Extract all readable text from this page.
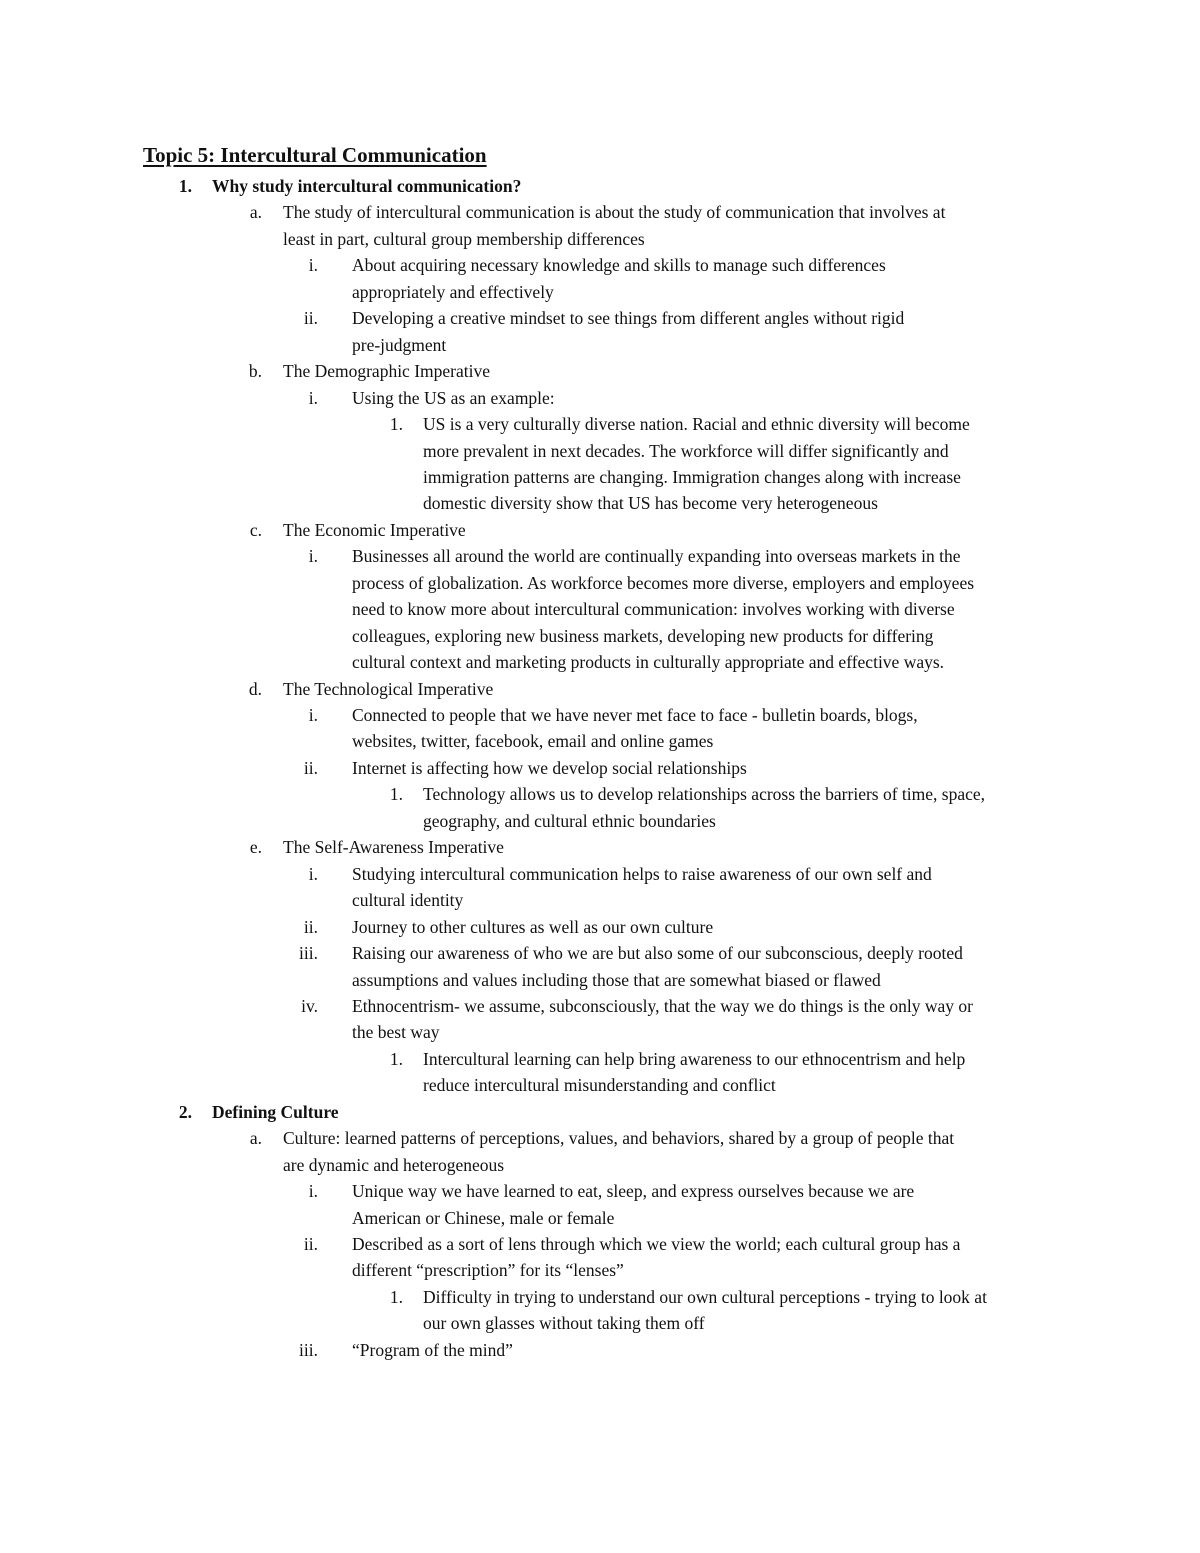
Topic 5: Intercultural Communication
1. Why study intercultural communication?
a. The study of intercultural communication is about the study of communication that involves at
least in part, cultural group membership differences
i. About acquiring necessary knowledge and skills to manage such differences
appropriately and effectively
ii. Developing a creative mindset to see things from different angles without rigid
pre-judgment
b. The Demographic Imperative
i. Using the US as an example:
1. US is a very culturally diverse nation. Racial and ethnic diversity will become
more prevalent in next decades. The workforce will differ significantly and
immigration patterns are changing. Immigration changes along with increase
domestic diversity show that US has become very heterogeneous
c. The Economic Imperative
i. Businesses all around the world are continually expanding into overseas markets in the
process of globalization. As workforce becomes more diverse, employers and employees
need to know more about intercultural communication: involves working with diverse
colleagues, exploring new business markets, developing new products for differing
cultural context and marketing products in culturally appropriate and effective ways.
d. The Technological Imperative
i. Connected to people that we have never met face to face - bulletin boards, blogs,
websites, twitter, facebook, email and online games
ii. Internet is affecting how we develop social relationships
1. Technology allows us to develop relationships across the barriers of time, space,
geography, and cultural ethnic boundaries
e. The Self-Awareness Imperative
i. Studying intercultural communication helps to raise awareness of our own self and
cultural identity
ii. Journey to other cultures as well as our own culture
iii. Raising our awareness of who we are but also some of our subconscious, deeply rooted
assumptions and values including those that are somewhat biased or flawed
iv. Ethnocentrism- we assume, subconsciously, that the way we do things is the only way or
the best way
1. Intercultural learning can help bring awareness to our ethnocentrism and help
reduce intercultural misunderstanding and conflict
2. Defining Culture
a. Culture: learned patterns of perceptions, values, and behaviors, shared by a group of people that
are dynamic and heterogeneous
i. Unique way we have learned to eat, sleep, and express ourselves because we are
American or Chinese, male or female
ii. Described as a sort of lens through which we view the world; each cultural group has a
different “prescription” for its “lenses”
1. Difficulty in trying to understand our own cultural perceptions - trying to look at
our own glasses without taking them off
iii. “Program of the mind”
